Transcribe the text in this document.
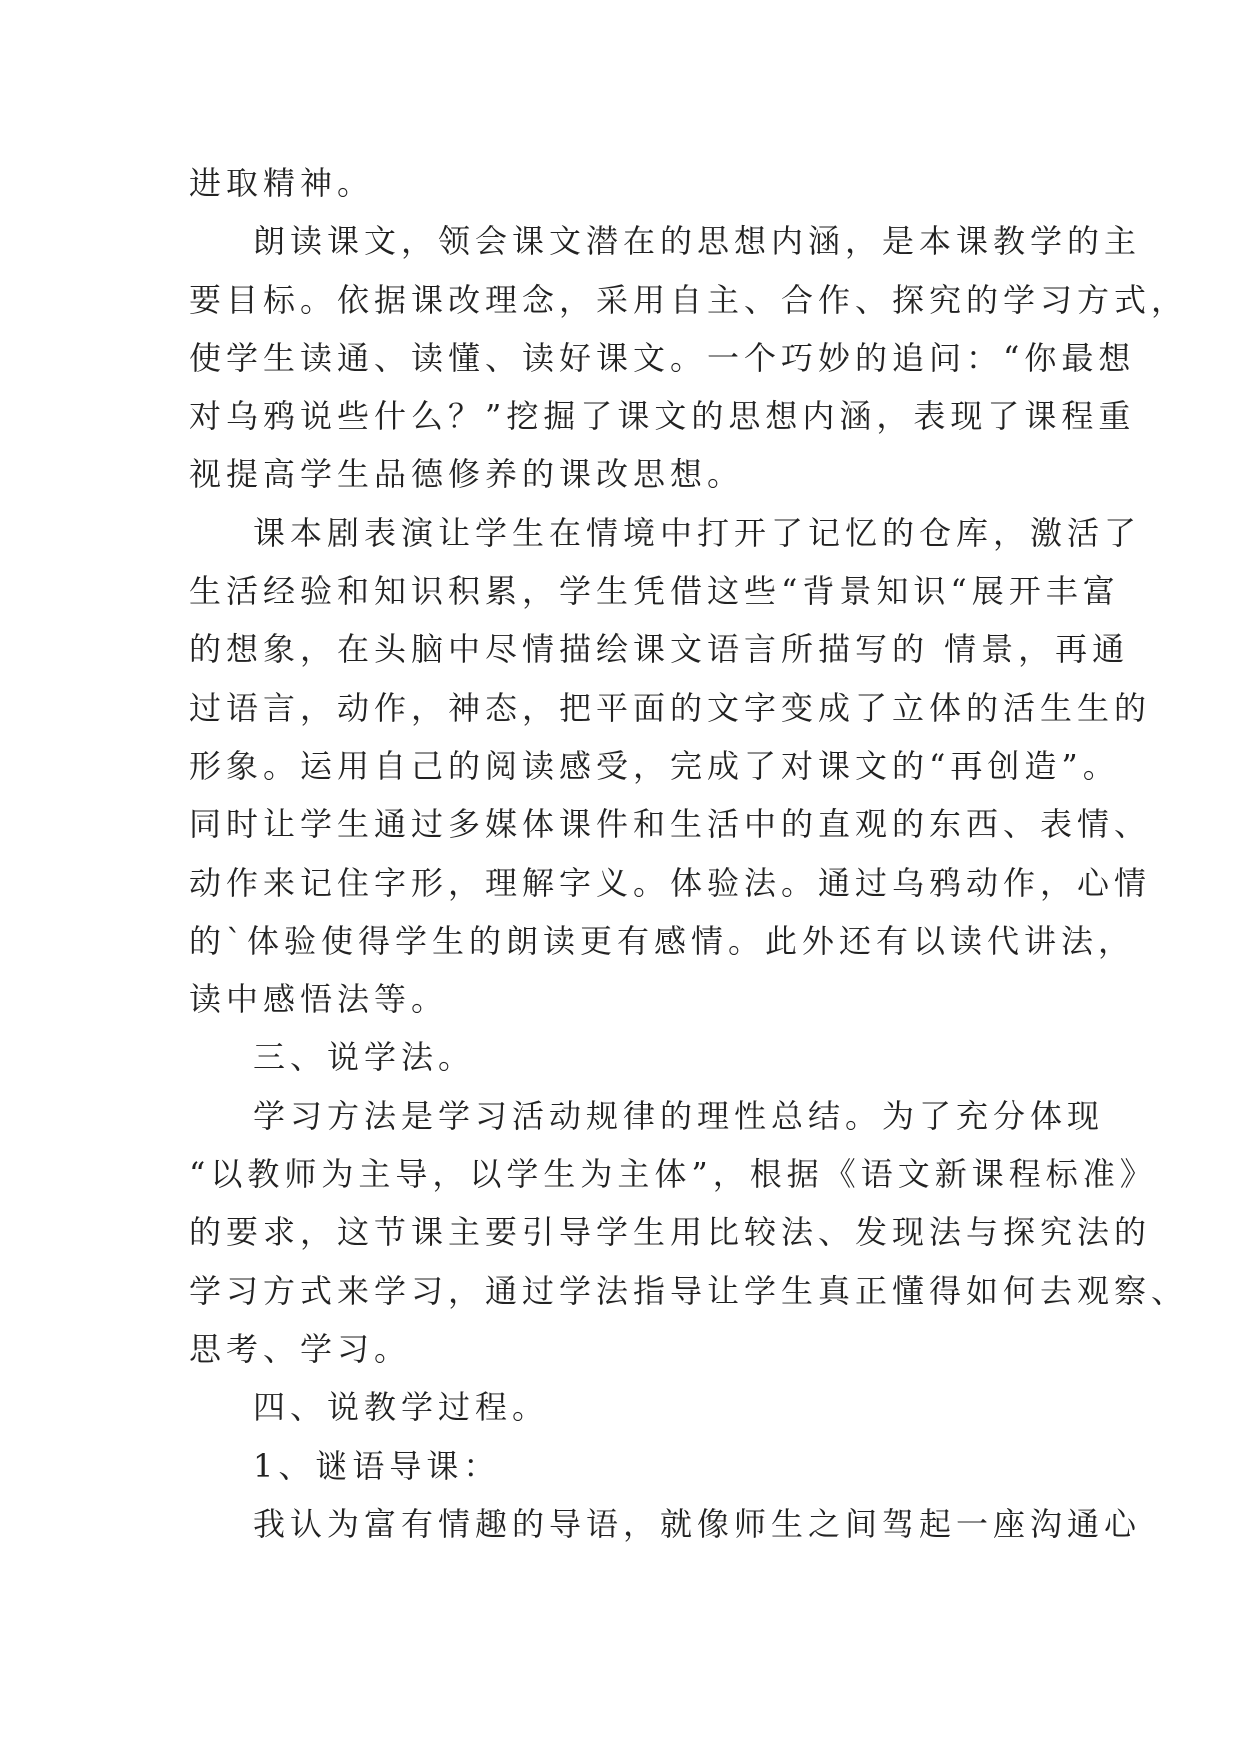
进取精神。
朗读课文，领会课文潜在的思想内涵，是本课教学的主
要目标。依据课改理念，采用自主、合作、探究的学习方式，
使学生读通、读懂、读好课文。一个巧妙的追问：“你最想
对乌鸦说些什么？”挖掘了课文的思想内涵，表现了课程重
视提高学生品德修养的课改思想。
课本剧表演让学生在情境中打开了记忆的仓库，激活了
生活经验和知识积累，学生凭借这些“背景知识“展开丰富
的想象，在头脑中尽情描绘课文语言所描写的 情景，再通
过语言，动作，神态，把平面的文字变成了立体的活生生的
形象。运用自己的阅读感受，完成了对课文的“再创造”。
同时让学生通过多媒体课件和生活中的直观的东西、表情、
动作来记住字形，理解字义。体验法。通过乌鸦动作，心情
的`体验使得学生的朗读更有感情。此外还有以读代讲法，
读中感悟法等。
三、说学法。
学习方法是学习活动规律的理性总结。为了充分体现
“以教师为主导，以学生为主体”，根据《语文新课程标准》
的要求，这节课主要引导学生用比较法、发现法与探究法的
学习方式来学习，通过学法指导让学生真正懂得如何去观察、
思考、学习。
四、说教学过程。
1、谜语导课：
我认为富有情趣的导语，就像师生之间驾起一座沟通心
